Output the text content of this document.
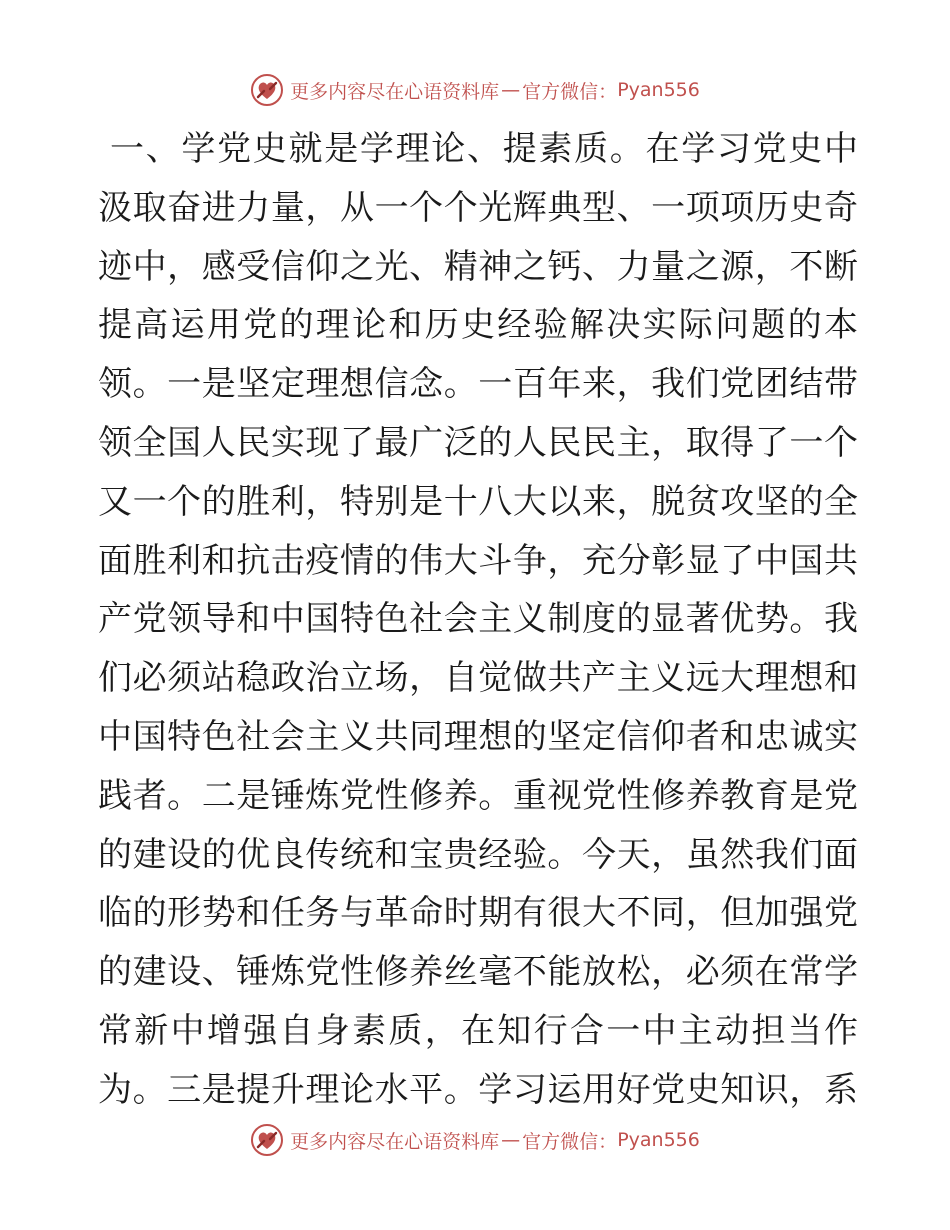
更多内容尽在心语资料库 — 官方微信： Pyan556
一、学党史就是学理论、提素质。在学习党史中
汲取奋进力量，从一个个光辉典型、一项项历史奇
迹中，感受信仰之光、精神之钙、力量之源，不断
提高运用党的理论和历史经验解决实际问题的本
领。一是坚定理想信念。一百年来，我们党团结带
领全国人民实现了最广泛的人民民主，取得了一个
又一个的胜利，特别是十八大以来，脱贫攻坚的全
面胜利和抗击疫情的伟大斗争，充分彰显了中国共
产党领导和中国特色社会主义制度的显著优势。我
们必须站稳政治立场，自觉做共产主义远大理想和
中国特色社会主义共同理想的坚定信仰者和忠诚实
践者。二是锤炼党性修养。重视党性修养教育是党
的建设的优良传统和宝贵经验。今天，虽然我们面
临的形势和任务与革命时期有很大不同，但加强党
的建设、锤炼党性修养丝毫不能放松，必须在常学
常新中增强自身素质，在知行合一中主动担当作
为。三是提升理论水平。学习运用好党史知识，系
更多内容尽在心语资料库 — 官方微信： Pyan556
